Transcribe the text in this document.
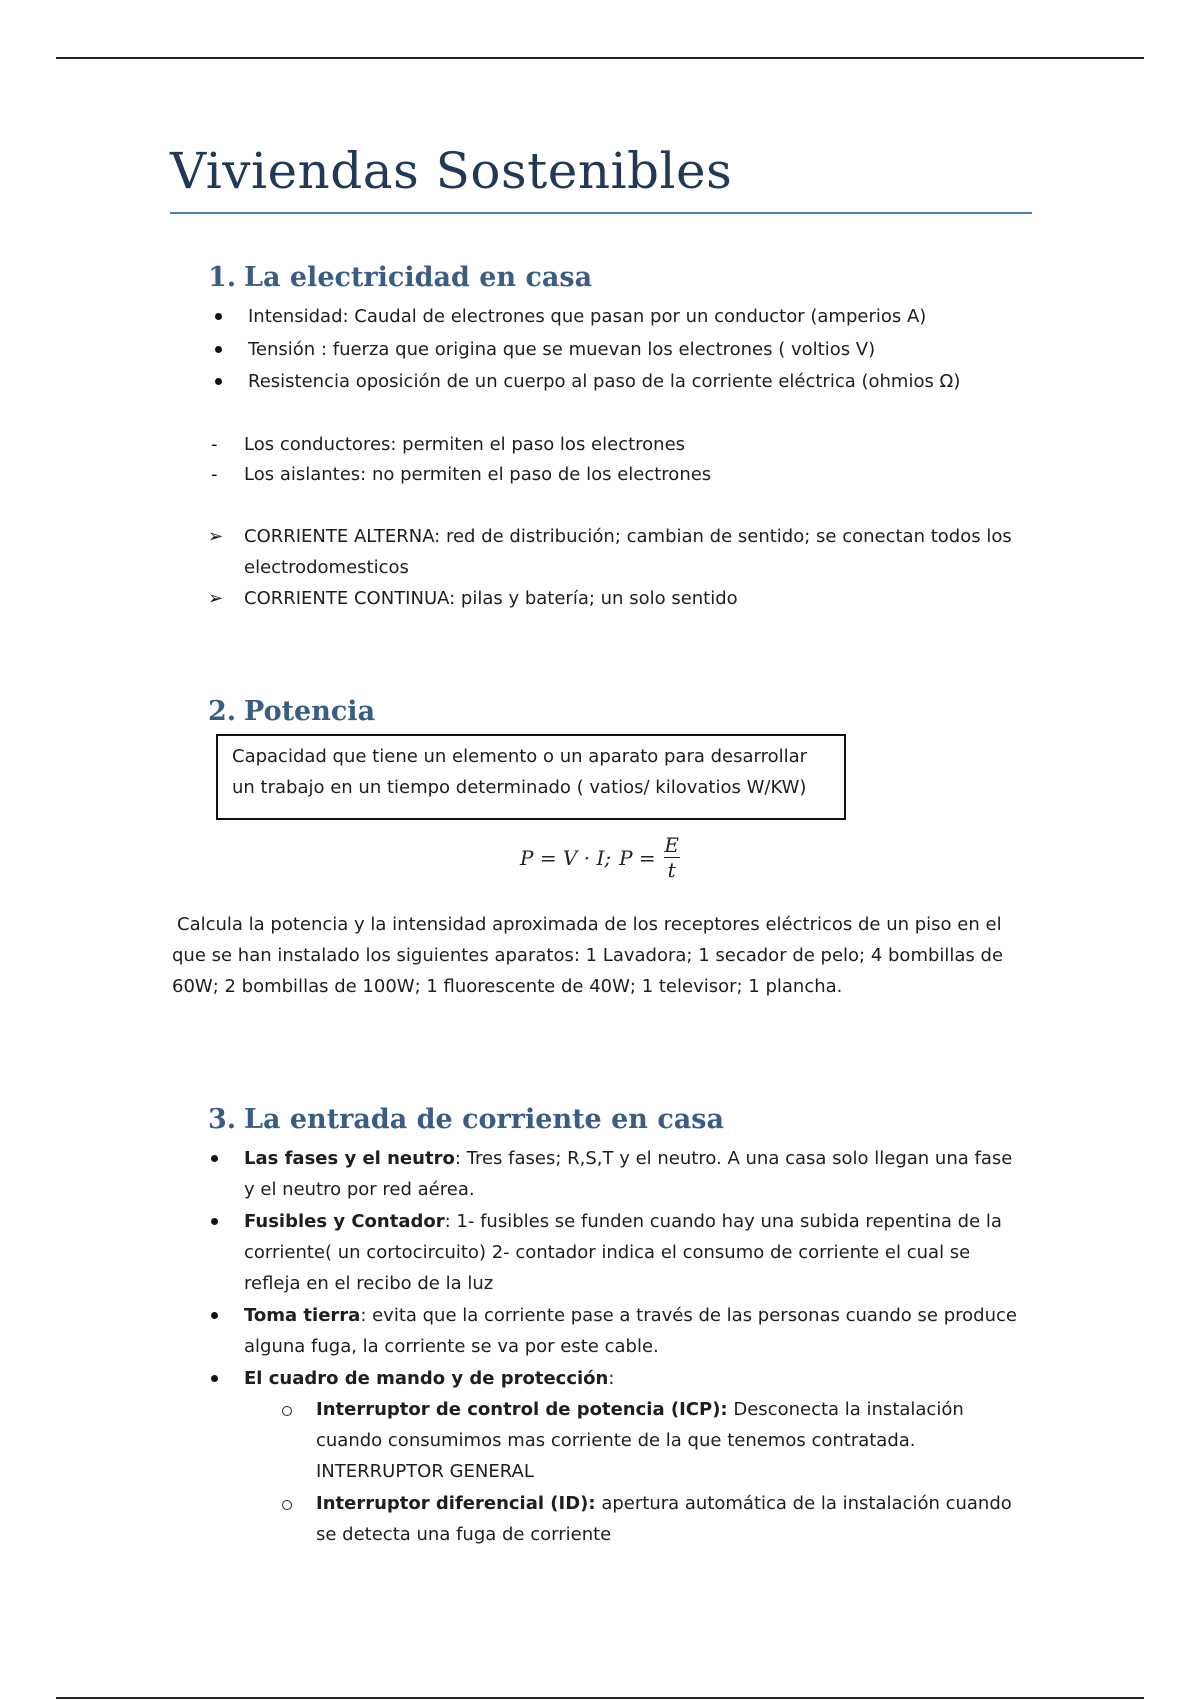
Viviendas Sostenibles
1. La electricidad en casa
Intensidad: Caudal de electrones que pasan por un conductor (amperios A)
Tensión : fuerza que origina que se muevan los electrones ( voltios V)
Resistencia oposición de un cuerpo al paso de la corriente eléctrica (ohmios Ω)
- Los conductores: permiten el paso los electrones
- Los aislantes: no permiten el paso de los electrones
➢ CORRIENTE ALTERNA: red de distribución; cambian de sentido; se conectan todos los electrodomesticos
➢ CORRIENTE CONTINUA: pilas y batería; un solo sentido
2. Potencia
Capacidad que tiene un elemento o un aparato para desarrollar un trabajo en un tiempo determinado ( vatios/ kilovatios W/KW)
P = V · I; $P = \frac{E}{t}$
Calcula la potencia y la intensidad aproximada de los receptores eléctricos de un piso en el que se han instalado los siguientes aparatos: 1 Lavadora; 1 secador de pelo; 4 bombillas de 60W; 2 bombillas de 100W; 1 fluorescente de 40W; 1 televisor; 1 plancha.
3. La entrada de corriente en casa
Las fases y el neutro: Tres fases; R,S,T y el neutro. A una casa solo llegan una fase y el neutro por red aérea.
Fusibles y Contador: 1- fusibles se funden cuando hay una subida repentina de la corriente( un cortocircuito) 2- contador indica el consumo de corriente el cual se refleja en el recibo de la luz
Toma tierra: evita que la corriente pase a través de las personas cuando se produce alguna fuga, la corriente se va por este cable.
El cuadro de mando y de protección:
Interruptor de control de potencia (ICP): Desconecta la instalación cuando consumimos mas corriente de la que tenemos contratada. INTERRUPTOR GENERAL
Interruptor diferencial (ID): apertura automática de la instalación cuando se detecta una fuga de corriente
